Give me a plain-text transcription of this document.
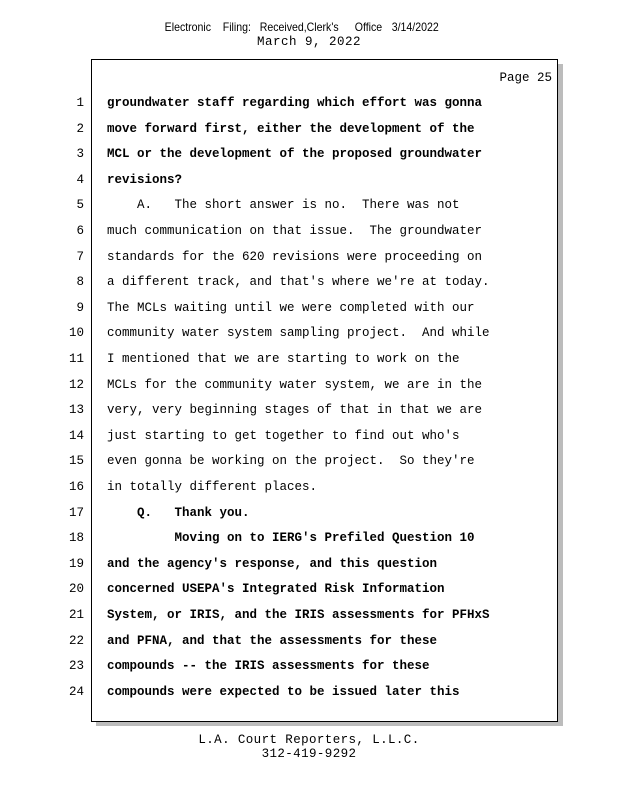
Electronic Filing: Received,Clerk's Office 3/14/2022
March 9, 2022
Page 25
1 groundwater staff regarding which effort was gonna
2 move forward first, either the development of the
3 MCL or the development of the proposed groundwater
4 revisions?
5 A.   The short answer is no.  There was not
6 much communication on that issue.  The groundwater
7 standards for the 620 revisions were proceeding on
8 a different track, and that's where we're at today.
9 The MCLs waiting until we were completed with our
10 community water system sampling project.  And while
11 I mentioned that we are starting to work on the
12 MCLs for the community water system, we are in the
13 very, very beginning stages of that in that we are
14 just starting to get together to find out who's
15 even gonna be working on the project.  So they're
16 in totally different places.
17 Q.   Thank you.
18 Moving on to IERG's Prefiled Question 10
19 and the agency's response, and this question
20 concerned USEPA's Integrated Risk Information
21 System, or IRIS, and the IRIS assessments for PFHxS
22 and PFNA, and that the assessments for these
23 compounds -- the IRIS assessments for these
24 compounds were expected to be issued later this
L.A. Court Reporters, L.L.C.
312-419-9292
